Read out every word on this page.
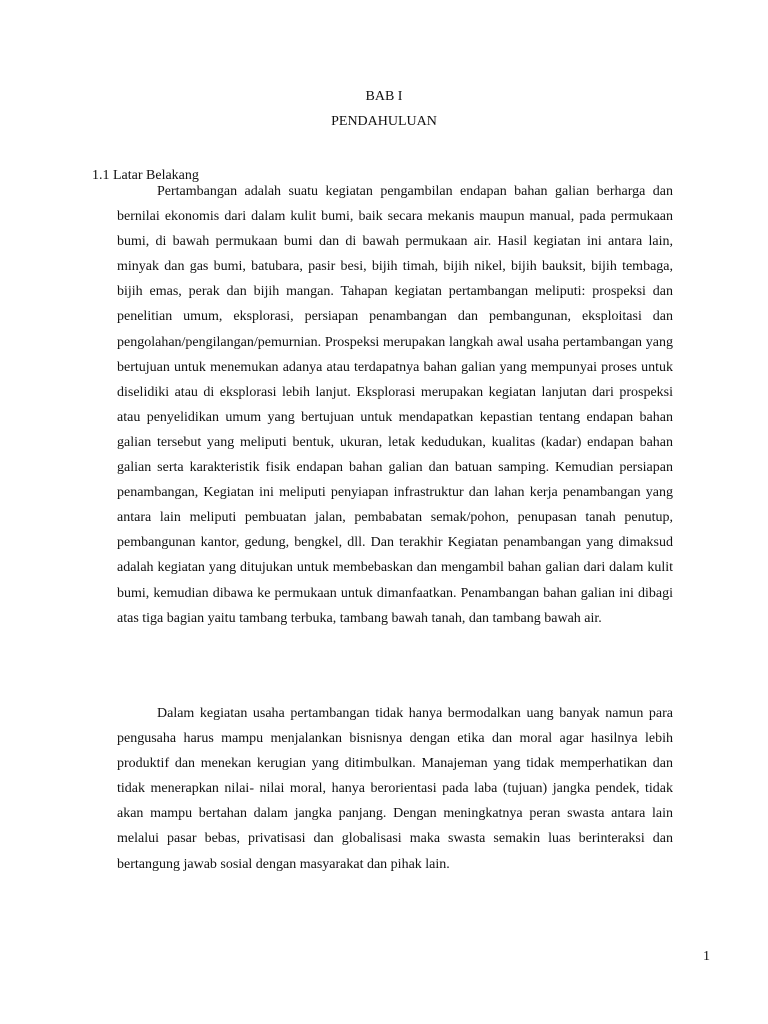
BAB I
PENDAHULUAN
1.1 Latar Belakang

Pertambangan adalah suatu kegiatan pengambilan endapan bahan galian berharga dan bernilai ekonomis dari dalam kulit bumi, baik secara mekanis maupun manual, pada permukaan bumi, di bawah permukaan bumi dan di bawah permukaan air. Hasil kegiatan ini antara lain, minyak dan gas bumi, batubara, pasir besi, bijih timah, bijih nikel, bijih bauksit, bijih tembaga, bijih emas, perak dan bijih mangan. Tahapan kegiatan pertambangan meliputi: prospeksi dan penelitian umum, eksplorasi, persiapan penambangan dan pembangunan, eksploitasi dan pengolahan/pengilangan/pemurnian. Prospeksi merupakan langkah awal usaha pertambangan yang bertujuan untuk menemukan adanya atau terdapatnya bahan galian yang mempunyai proses untuk diselidiki atau di eksplorasi lebih lanjut. Eksplorasi merupakan kegiatan lanjutan dari prospeksi atau penyelidikan umum yang bertujuan untuk mendapatkan kepastian tentang endapan bahan galian tersebut yang meliputi bentuk, ukuran, letak kedudukan, kualitas (kadar) endapan bahan galian serta karakteristik fisik endapan bahan galian dan batuan samping. Kemudian persiapan penambangan, Kegiatan ini meliputi penyiapan infrastruktur dan lahan kerja penambangan yang antara lain meliputi pembuatan jalan, pembabatan semak/pohon, penupasan tanah penutup, pembangunan kantor, gedung, bengkel, dll. Dan terakhir Kegiatan penambangan yang dimaksud adalah kegiatan yang ditujukan untuk membebaskan dan mengambil bahan galian dari dalam kulit bumi, kemudian dibawa ke permukaan untuk dimanfaatkan. Penambangan bahan galian ini dibagi atas tiga bagian yaitu tambang terbuka, tambang bawah tanah, dan tambang bawah air.

Dalam kegiatan usaha pertambangan tidak hanya bermodalkan uang banyak namun para pengusaha harus mampu menjalankan bisnisnya dengan etika dan moral agar hasilnya lebih produktif dan menekan kerugian yang ditimbulkan. Manajeman yang tidak memperhatikan dan tidak menerapkan nilai- nilai moral, hanya berorientasi pada laba (tujuan) jangka pendek, tidak akan mampu bertahan dalam jangka panjang. Dengan meningkatnya peran swasta antara lain melalui pasar bebas, privatisasi dan globalisasi maka swasta semakin luas berinteraksi dan bertangung jawab sosial dengan masyarakat dan pihak lain.

1
